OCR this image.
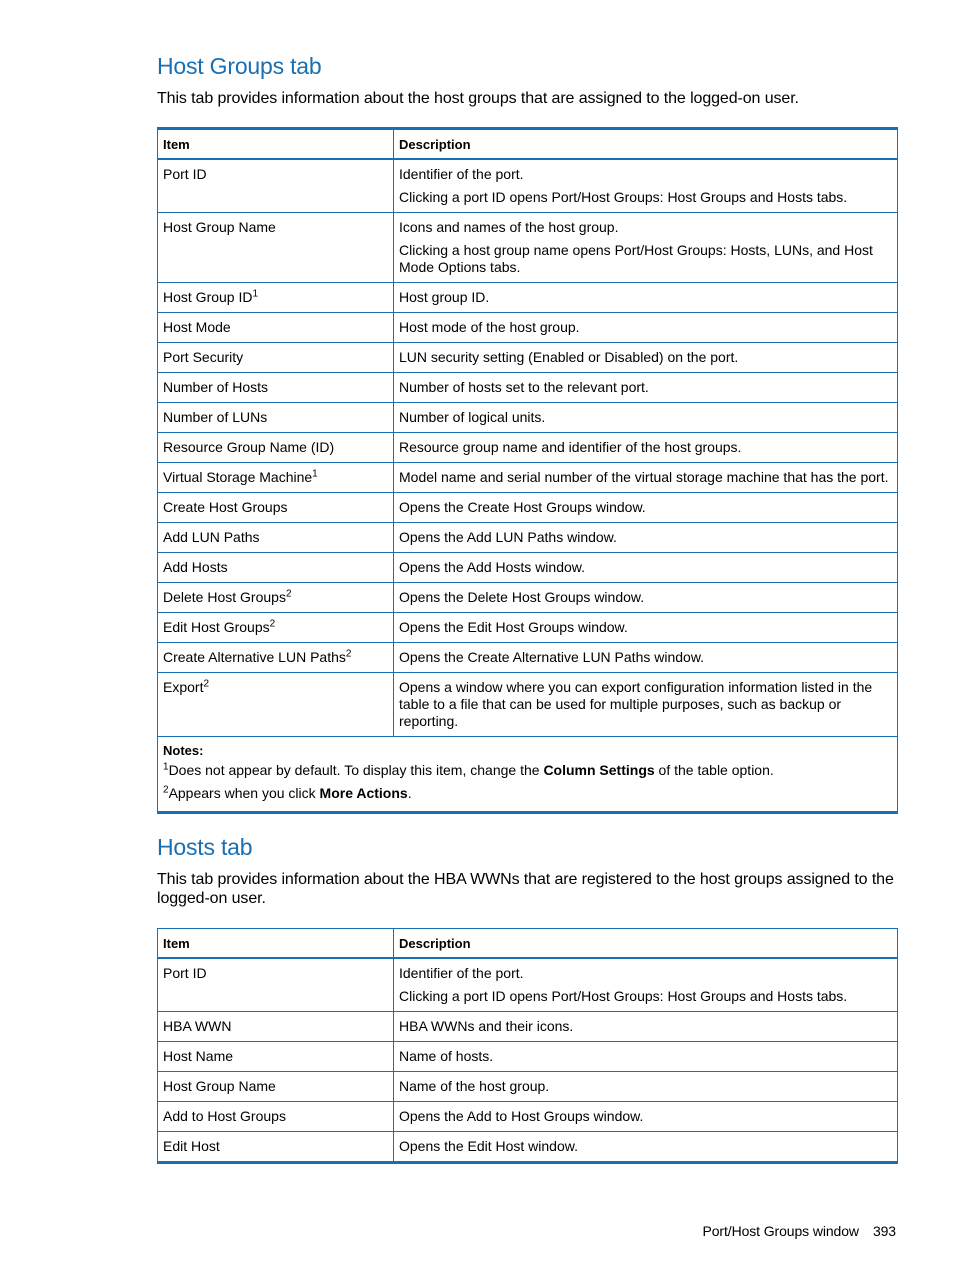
Host Groups tab

This tab provides information about the host groups that are assigned to the logged-on user.

Item	Description
Port ID	Identifier of the port.

Clicking a port ID opens Port/Host Groups: Host Groups and Hosts tabs.

Host Group Name	Icons and names of the host group.

Clicking a host group name opens Port/Host Groups: Hosts, LUNs, and Host Mode Options tabs.

Host Group $ID^1$	Host group ID.

Host Mode	Host mode of the host group.

Port Security	LUN security setting (Enabled or Disabled) on the port.

Number of Hosts	Number of hosts set to the relevant port.

Number of LUNs	Number of logical units.

Resource Group Name (ID)	Resource group name and identifier of the host groups.

Virtual Storage Machine$^1$	Model name and serial number of the virtual storage machine that has the port.

Create Host Groups	Opens the Create Host Groups window.

Add LUN Paths	Opens the Add LUN Paths window.

Add Hosts	Opens the Add Hosts window.

Delete Host Groups$^2$	Opens the Delete Host Groups window.

Edit Host Groups$^2$	Opens the Edit Host Groups window.

Create Alternative LUN Paths$^2$	Opens the Create Alternative LUN Paths window.

Export$^2$	Opens a window where you can export configuration information listed in the table to a file that can be used for multiple purposes, such as backup or reporting.

Notes:
$^1$Does not appear by default. To display this item, change the Column Settings of the table option.
$^2$Appears when you click More Actions.	
Hosts tab

This tab provides information about the HBA WWNs that are registered to the host groups assigned to the logged-on user.

Item	Description
Port ID	Identifier of the port.

Clicking a port ID opens Port/Host Groups: Host Groups and Hosts tabs.

HBA WWN	HBA WWNs and their icons.

Host Name	Name of hosts.

Host Group Name	Name of the host group.

Add to Host Groups	Opens the Add to Host Groups window.

Edit Host	Opens the Edit Host window.

Port/Host Groups window 393
